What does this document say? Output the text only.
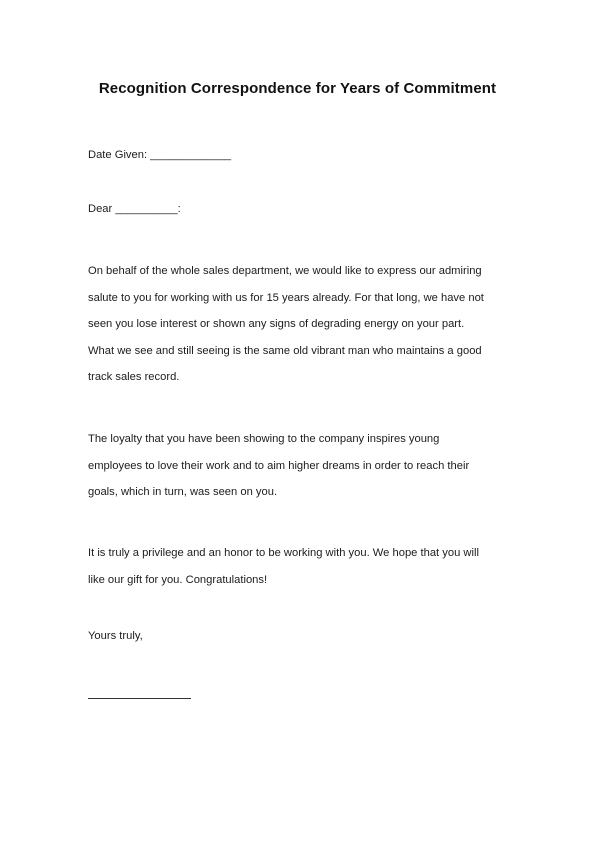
Recognition Correspondence for Years of Commitment
Date Given: _____________
Dear __________:
On behalf of the whole sales department, we would like to express our admiring
salute to you for working with us for 15 years already. For that long, we have not
seen you lose interest or shown any signs of degrading energy on your part.
What we see and still seeing is the same old vibrant man who maintains a good
track sales record.
The loyalty that you have been showing to the company inspires young
employees to love their work and to aim higher dreams in order to reach their
goals, which in turn, was seen on you.
It is truly a privilege and an honor to be working with you. We hope that you will
like our gift for you. Congratulations!
Yours truly,
